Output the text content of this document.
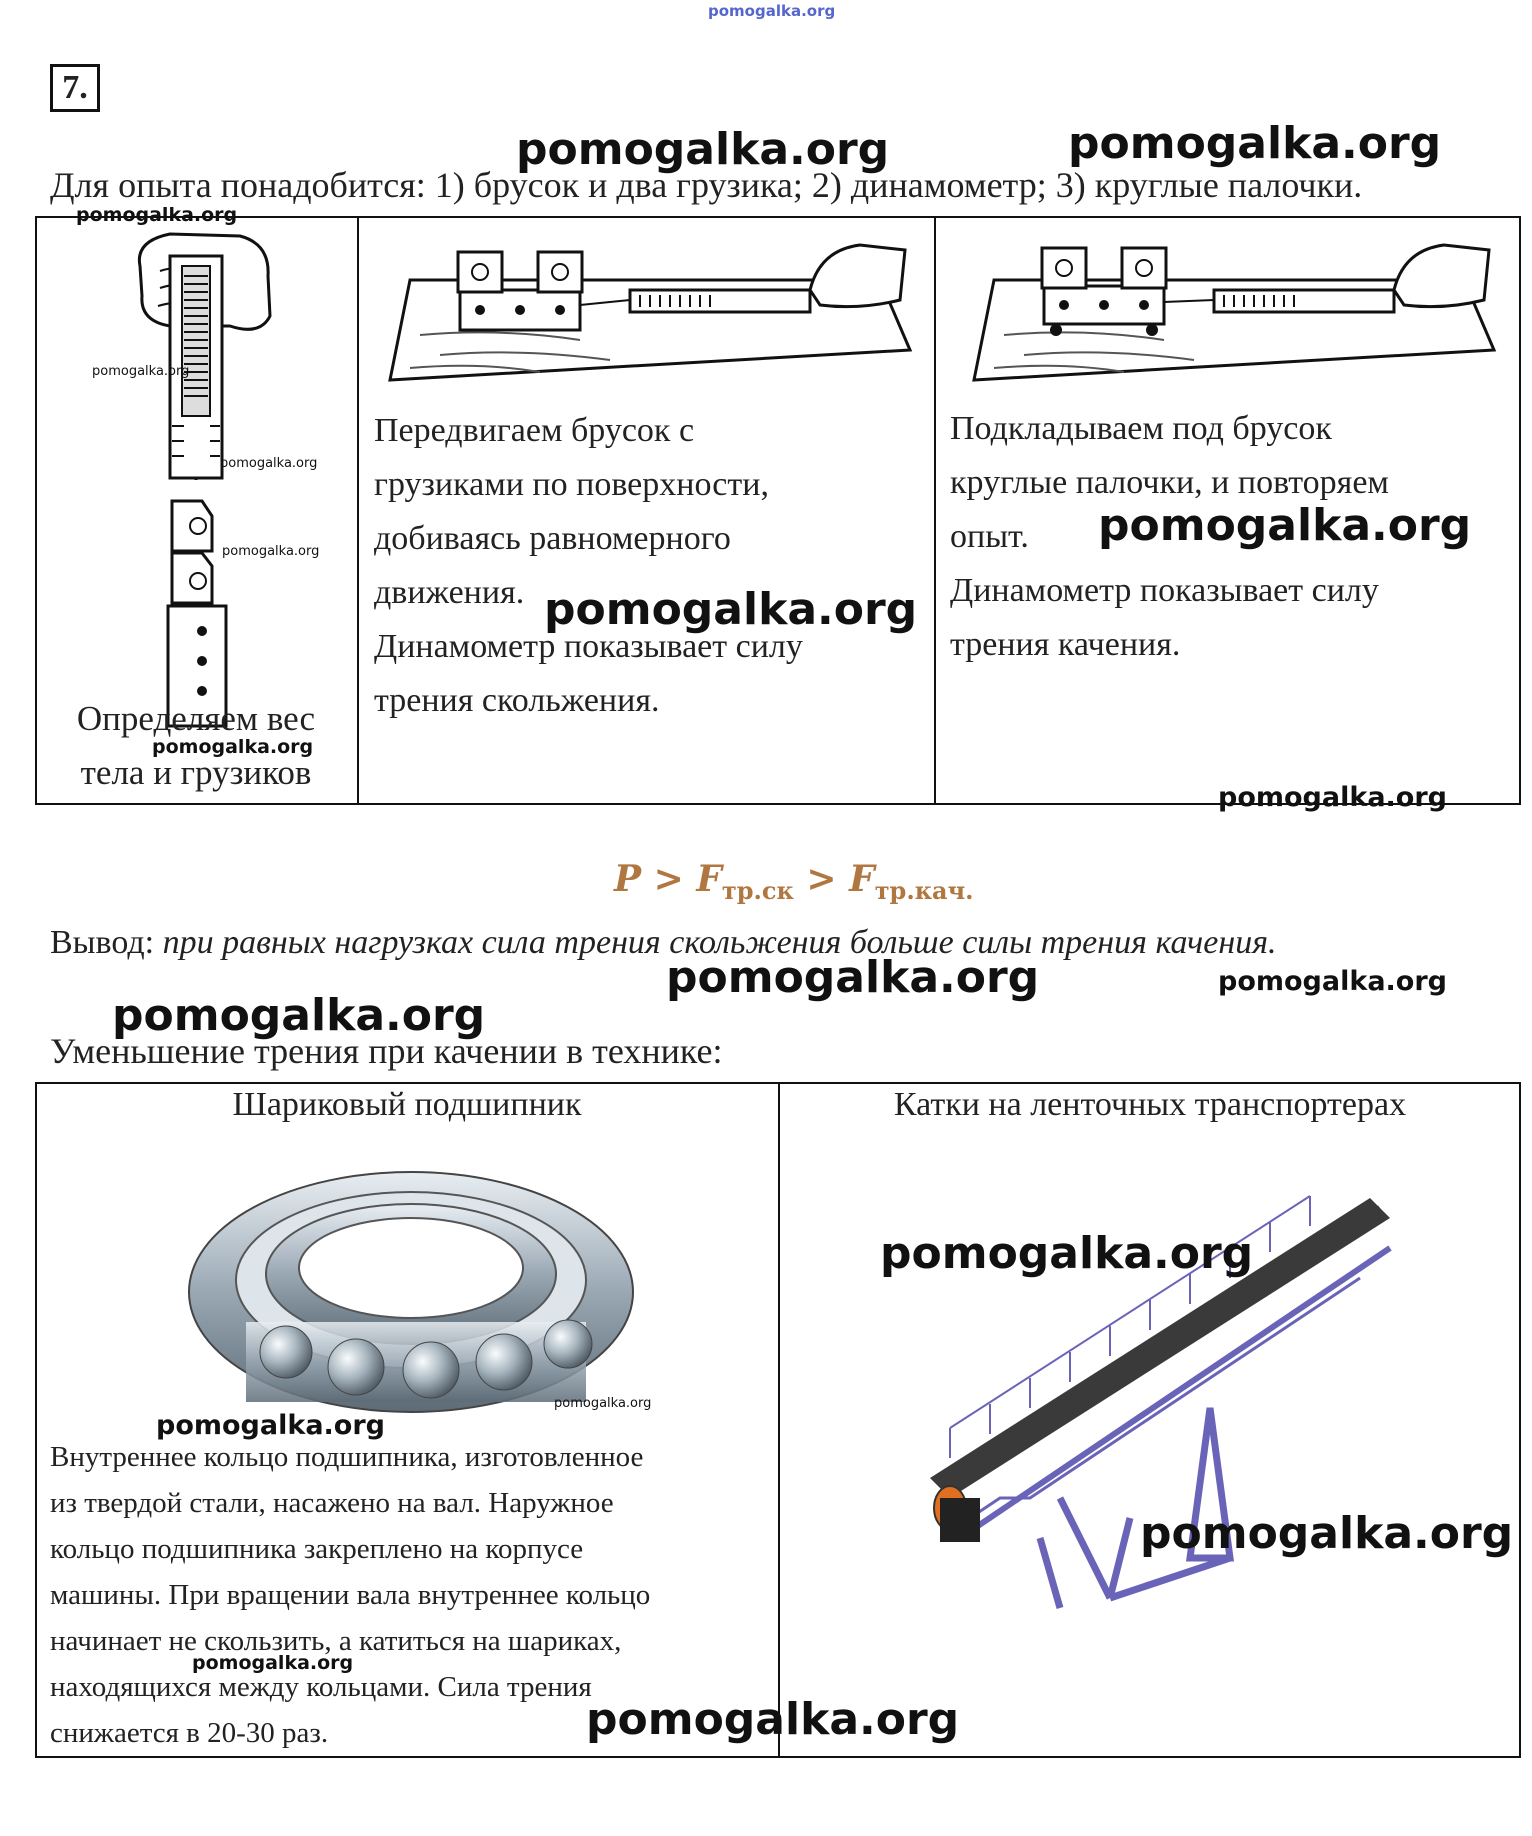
pomogalka.org
7.
pomogalka.org	pomogalka.org
Для опыта понадобится: 1) брусок и два грузика; 2) динамометр; 3) круглые палочки.
pomogalka.org
pomogalka.org
pomogalka.org
pomogalka.org
Определяем вес
pomogalka.org
тела и грузиков
Передвигаем брусок с
грузиками по поверхности,
добиваясь равномерного
движения. pomogalka.org
Динамометр показывает силу
трения скольжения.
Подкладываем под брусок
круглые палочки, и повторяем
опыт. pomogalka.org
Динамометр показывает силу
трения качения.
pomogalka.org
$P > F_{тр.ск} > F_{тр.кач.}$
Вывод: при равных нагрузках сила трения скольжения больше силы трения качения.
pomogalka.org	pomogalka.org
pomogalka.org
Уменьшение трения при качении в технике:
Шариковый подшипник	Катки на ленточных транспортерах
pomogalka.org
pomogalka.org
Внутреннее кольцо подшипника, изготовленное
из твердой стали, насажено на вал. Наружное
кольцо подшипника закреплено на корпусе
машины. При вращении вала внутреннее кольцо
начинает не скользить, а катиться на шариках,
pomogalka.org
находящихся между кольцами. Сила трения
снижается в 20-30 раз.
pomogalka.org
pomogalka.org
pomogalka.org
